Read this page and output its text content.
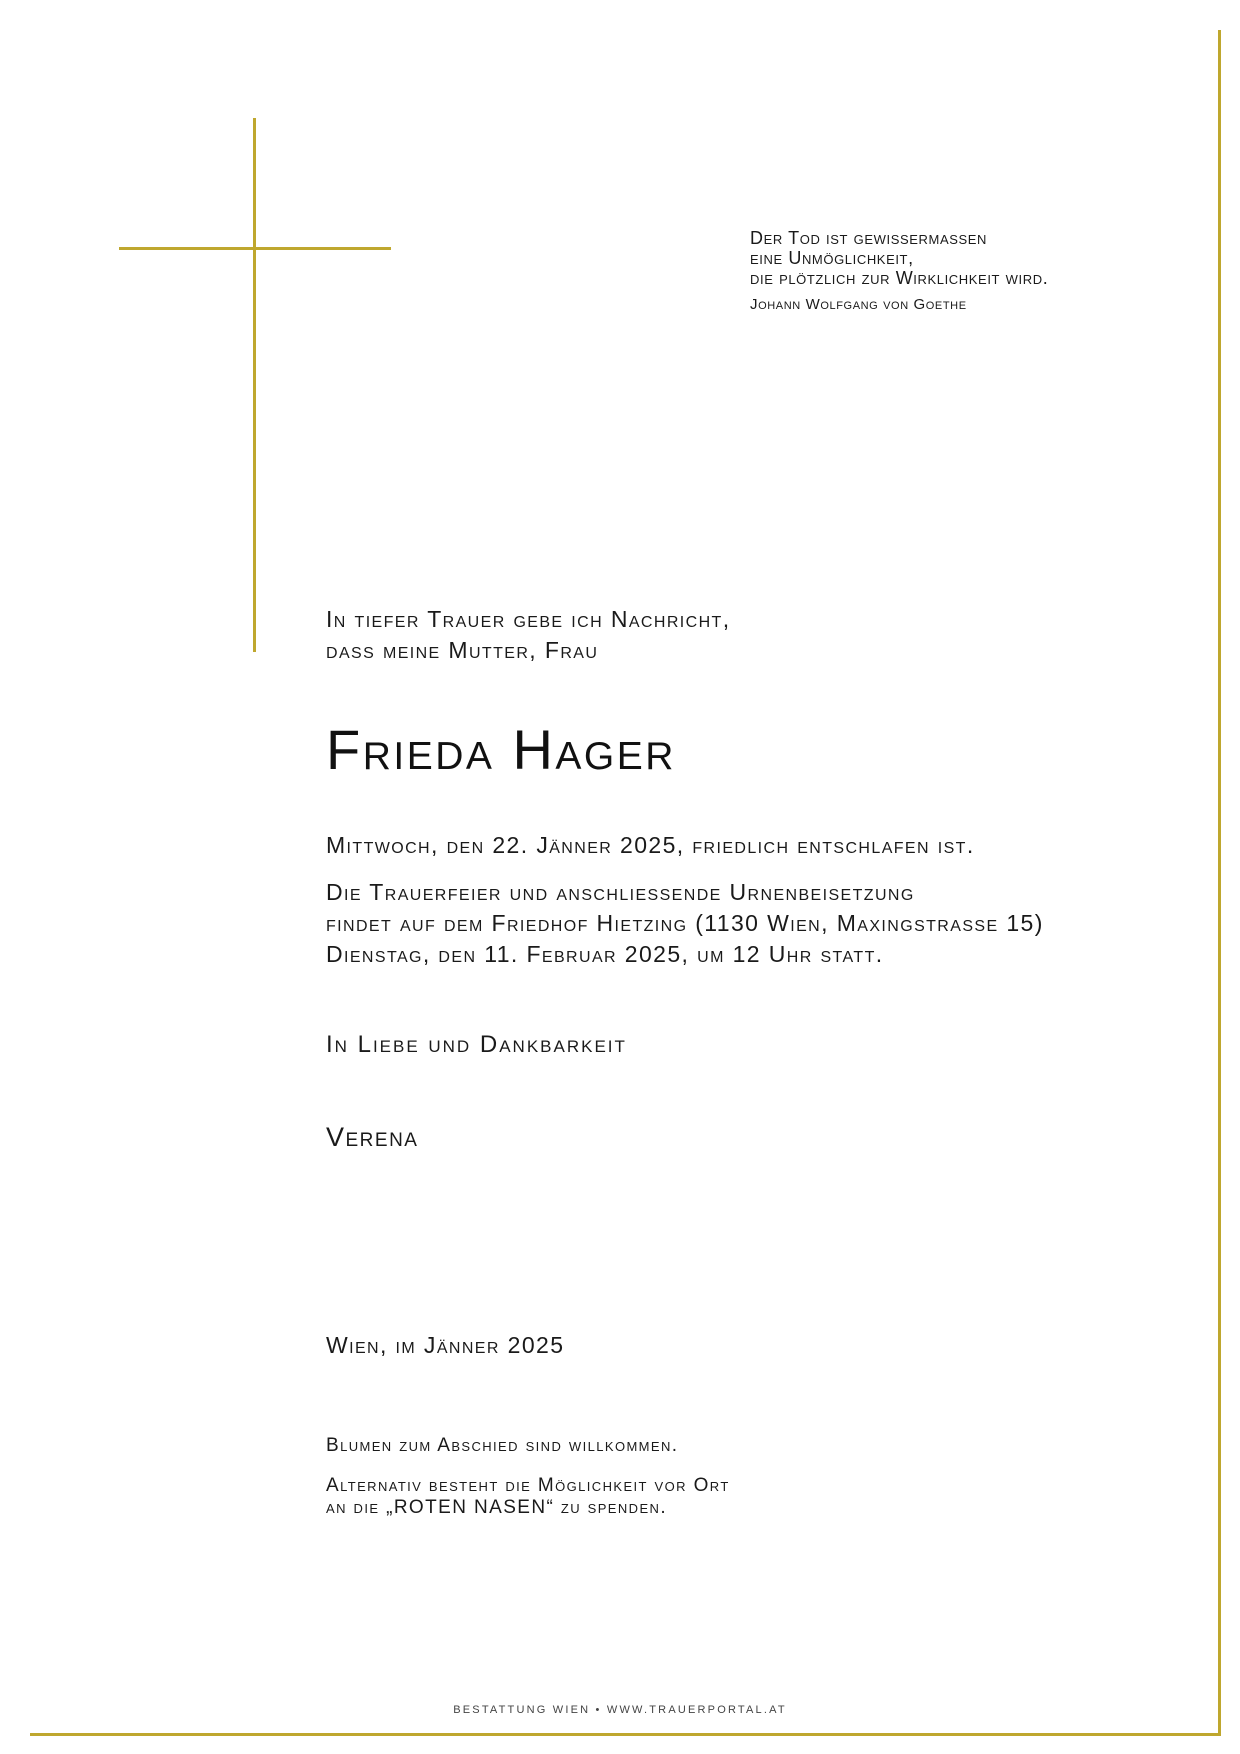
Der Tod ist gewissermassen
eine Unmöglichkeit,
die plötzlich zur Wirklichkeit wird.
Johann Wolfgang von Goethe
In tiefer Trauer gebe ich Nachricht,
dass meine Mutter, Frau
Frieda Hager
Mittwoch, den 22. Jänner 2025, friedlich entschlafen ist.
Die Trauerfeier und anschliessende Urnenbeisetzung
findet auf dem Friedhof Hietzing (1130 Wien, Maxingstrasse 15)
Dienstag, den 11. Februar 2025, um 12 Uhr statt.
In Liebe und Dankbarkeit
Verena
Wien, im Jänner 2025
Blumen zum Abschied sind willkommen.
Alternativ besteht die Möglichkeit vor Ort
an die „ROTEN NASEN“ zu spenden.
BESTATTUNG WIEN • WWW.TRAUERPORTAL.AT
